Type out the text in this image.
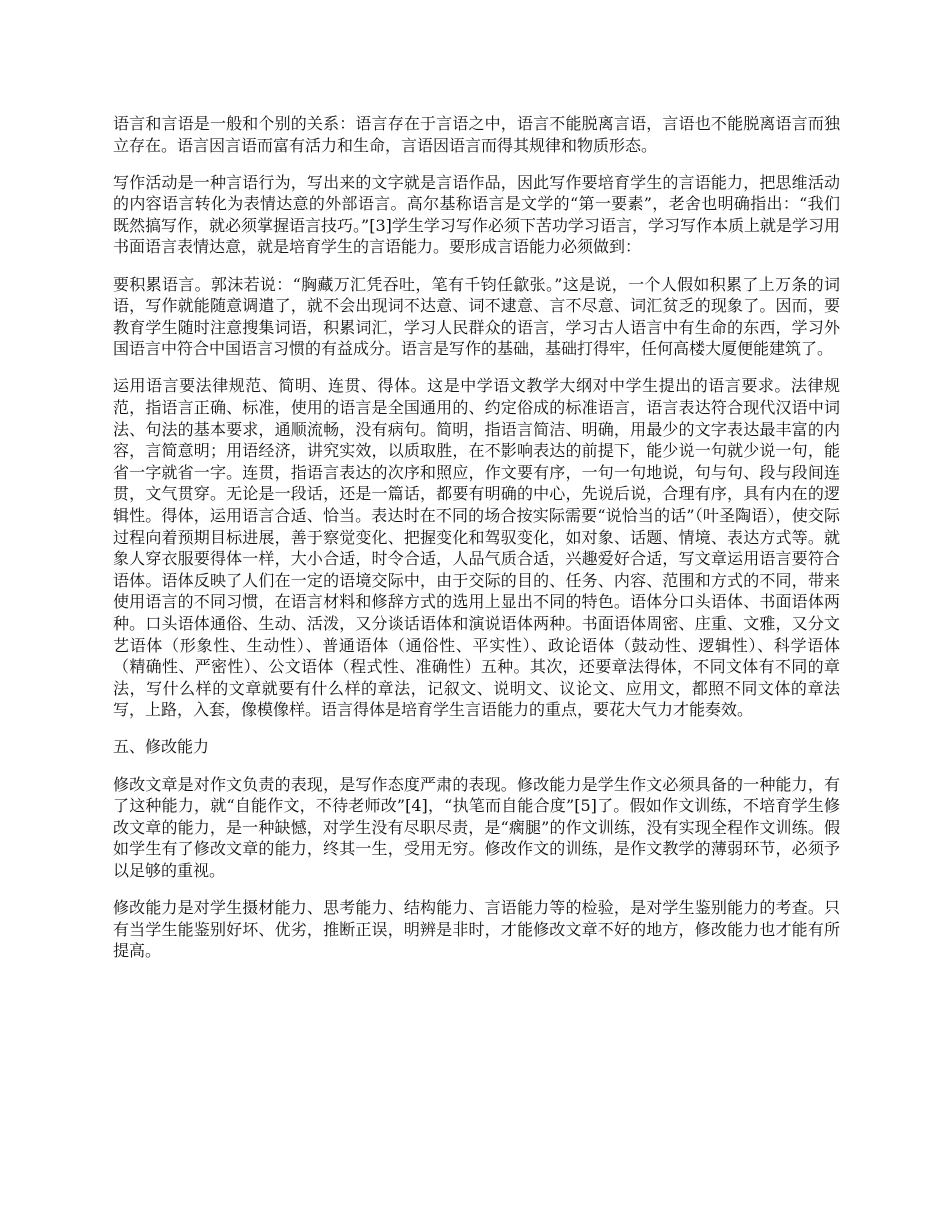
语言和言语是一般和个别的关系：语言存在于言语之中，语言不能脱离言语，言语也不能脱离语言而独立存在。语言因言语而富有活力和生命，言语因语言而得其规律和物质形态。

写作活动是一种言语行为，写出来的文字就是言语作品，因此写作要培育学生的言语能力，把思维活动的内容语言转化为表情达意的外部语言。高尔基称语言是文学的“第一要素”，老舍也明确指出：“我们既然搞写作，就必须掌握语言技巧。”[3]学生学习写作必须下苦功学习语言，学习写作本质上就是学习用书面语言表情达意，就是培育学生的言语能力。要形成言语能力必须做到：

要积累语言。郭沫若说：“胸藏万汇凭吞吐，笔有千钧任歙张。”这是说，一个人假如积累了上万条的词语，写作就能随意调遣了，就不会出现词不达意、词不逮意、言不尽意、词汇贫乏的现象了。因而，要教育学生随时注意搜集词语，积累词汇，学习人民群众的语言，学习古人语言中有生命的东西，学习外国语言中符合中国语言习惯的有益成分。语言是写作的基础，基础打得牢，任何高楼大厦便能建筑了。

运用语言要法律规范、简明、连贯、得体。这是中学语文教学大纲对中学生提出的语言要求。法律规范，指语言正确、标准，使用的语言是全国通用的、约定俗成的标准语言，语言表达符合现代汉语中词法、句法的基本要求，通顺流畅，没有病句。简明，指语言简洁、明确，用最少的文字表达最丰富的内容，言简意明；用语经济，讲究实效，以质取胜，在不影响表达的前提下，能少说一句就少说一句，能省一字就省一字。连贯，指语言表达的次序和照应，作文要有序，一句一句地说，句与句、段与段间连贯，文气贯穿。无论是一段话，还是一篇话，都要有明确的中心，先说后说，合理有序，具有内在的逻辑性。得体，运用语言合适、恰当。表达时在不同的场合按实际需要“说恰当的话”（叶圣陶语），使交际过程向着预期目标进展，善于察觉变化、把握变化和驾驭变化，如对象、话题、情境、表达方式等。就象人穿衣服要得体一样，大小合适，时令合适，人品气质合适，兴趣爱好合适，写文章运用语言要符合语体。语体反映了人们在一定的语境交际中，由于交际的目的、任务、内容、范围和方式的不同，带来使用语言的不同习惯，在语言材料和修辞方式的选用上显出不同的特色。语体分口头语体、书面语体两种。口头语体通俗、生动、活泼，又分谈话语体和演说语体两种。书面语体周密、庄重、文雅，又分文艺语体（形象性、生动性）、普通语体（通俗性、平实性）、政论语体（鼓动性、逻辑性）、科学语体（精确性、严密性）、公文语体（程式性、准确性）五种。其次，还要章法得体，不同文体有不同的章法，写什么样的文章就要有什么样的章法，记叙文、说明文、议论文、应用文，都照不同文体的章法写，上路，入套，像模像样。语言得体是培育学生言语能力的重点，要花大气力才能奏效。

五、修改能力

修改文章是对作文负责的表现，是写作态度严肃的表现。修改能力是学生作文必须具备的一种能力，有了这种能力，就“自能作文，不待老师改”[4]，“执笔而自能合度”[5]了。假如作文训练，不培育学生修改文章的能力，是一种缺憾，对学生没有尽职尽责，是“瘸腿”的作文训练，没有实现全程作文训练。假如学生有了修改文章的能力，终其一生，受用无穷。修改作文的训练，是作文教学的薄弱环节，必须予以足够的重视。

修改能力是对学生摄材能力、思考能力、结构能力、言语能力等的检验，是对学生鉴别能力的考查。只有当学生能鉴别好坏、优劣，推断正误，明辨是非时，才能修改文章不好的地方，修改能力也才能有所提高。
